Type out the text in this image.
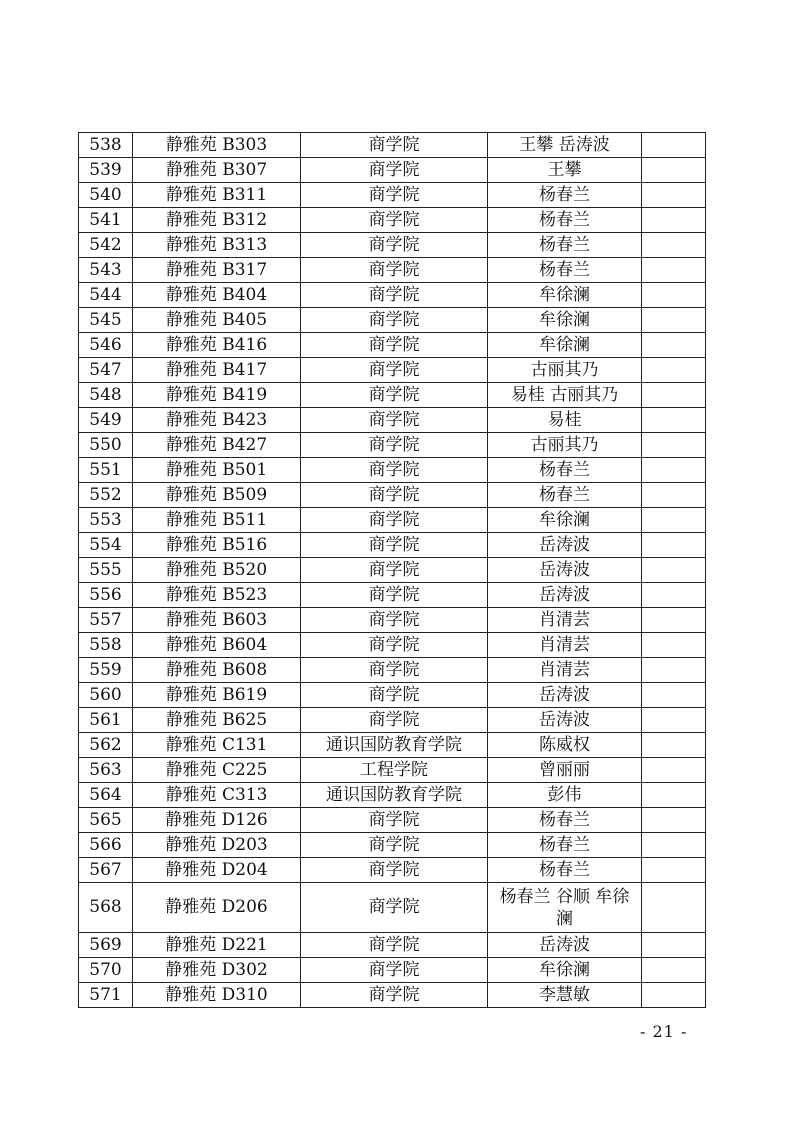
538	静雅苑 B303	商学院	王攀 岳涛波	
539	静雅苑 B307	商学院	王攀	
540	静雅苑 B311	商学院	杨春兰	
541	静雅苑 B312	商学院	杨春兰	
542	静雅苑 B313	商学院	杨春兰	
543	静雅苑 B317	商学院	杨春兰	
544	静雅苑 B404	商学院	牟徐澜	
545	静雅苑 B405	商学院	牟徐澜	
546	静雅苑 B416	商学院	牟徐澜	
547	静雅苑 B417	商学院	古丽其乃	
548	静雅苑 B419	商学院	易桂 古丽其乃	
549	静雅苑 B423	商学院	易桂	
550	静雅苑 B427	商学院	古丽其乃	
551	静雅苑 B501	商学院	杨春兰	
552	静雅苑 B509	商学院	杨春兰	
553	静雅苑 B511	商学院	牟徐澜	
554	静雅苑 B516	商学院	岳涛波	
555	静雅苑 B520	商学院	岳涛波	
556	静雅苑 B523	商学院	岳涛波	
557	静雅苑 B603	商学院	肖清芸	
558	静雅苑 B604	商学院	肖清芸	
559	静雅苑 B608	商学院	肖清芸	
560	静雅苑 B619	商学院	岳涛波	
561	静雅苑 B625	商学院	岳涛波	
562	静雅苑 C131	通识国防教育学院	陈威权	
563	静雅苑 C225	工程学院	曾丽丽	
564	静雅苑 C313	通识国防教育学院	彭伟	
565	静雅苑 D126	商学院	杨春兰	
566	静雅苑 D203	商学院	杨春兰	
567	静雅苑 D204	商学院	杨春兰	
568	静雅苑 D206	商学院	杨春兰 谷顺 牟徐澜	
569	静雅苑 D221	商学院	岳涛波	
570	静雅苑 D302	商学院	牟徐澜	
571	静雅苑 D310	商学院	李慧敏	
- 21 -
